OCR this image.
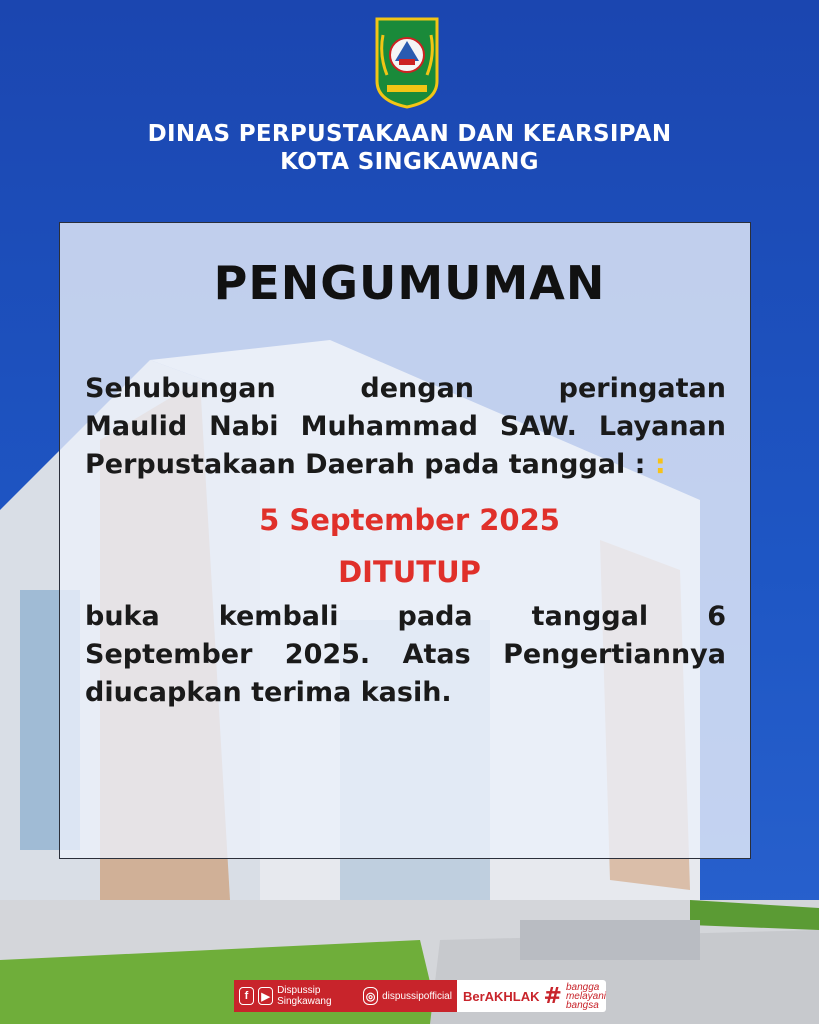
DINAS PERPUSTAKAAN DAN KEARSIPAN
KOTA SINGKAWANG
PENGUMUMAN
Sehubungan dengan peringatan
Maulid Nabi Muhammad SAW. Layanan
Perpustakaan Daerah pada tanggal : :
5 September 2025
DITUTUP
buka kembali pada tanggal 6
September 2025. Atas Pengertiannya
diucapkan terima kasih.
f	▶ Dispussip Singkawang	◎ dispussipofficial BerAKHLAK # bangga
melayani
bangsa
